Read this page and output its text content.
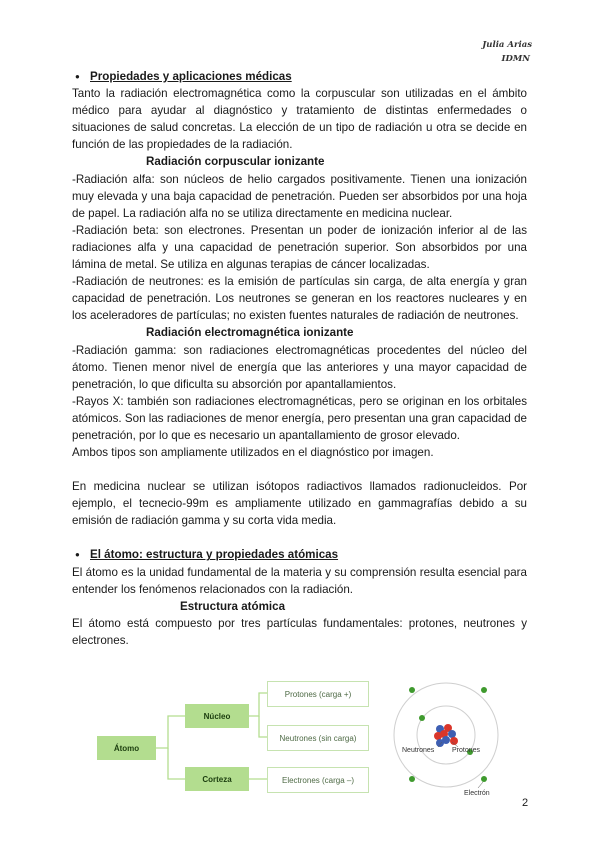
Julia Arias
IDMN

● Propiedades y aplicaciones médicas

Tanto la radiación electromagnética como la corpuscular son utilizadas en el ámbito médico para ayudar al diagnóstico y tratamiento de distintas enfermedades o situaciones de salud concretas. La elección de un tipo de radiación u otra se decide en función de las propiedades de la radiación.

Radiación corpuscular ionizante

-Radiación alfa: son núcleos de helio cargados positivamente. Tienen una ionización muy elevada y una baja capacidad de penetración. Pueden ser absorbidos por una hoja de papel. La radiación alfa no se utiliza directamente en medicina nuclear.

-Radiación beta: son electrones. Presentan un poder de ionización inferior al de las radiaciones alfa y una capacidad de penetración superior. Son absorbidos por una lámina de metal. Se utiliza en algunas terapias de cáncer localizadas.

-Radiación de neutrones: es la emisión de partículas sin carga, de alta energía y gran capacidad de penetración. Los neutrones se generan en los reactores nucleares y en los aceleradores de partículas; no existen fuentes naturales de radiación de neutrones.

Radiación electromagnética ionizante

-Radiación gamma: son radiaciones electromagnéticas procedentes del núcleo del átomo. Tienen menor nivel de energía que las anteriores y una mayor capacidad de penetración, lo que dificulta su absorción por apantallamientos.

-Rayos X: también son radiaciones electromagnéticas, pero se originan en los orbitales atómicos. Son las radiaciones de menor energía, pero presentan una gran capacidad de penetración, por lo que es necesario un apantallamiento de grosor elevado.

Ambos tipos son ampliamente utilizados en el diagnóstico por imagen.

En medicina nuclear se utilizan isótopos radiactivos llamados radionucleidos. Por ejemplo, el tecnecio-99m es ampliamente utilizado en gammagrafías debido a su emisión de radiación gamma y su corta vida media.

● El átomo: estructura y propiedades atómicas

El átomo es la unidad fundamental de la materia y su comprensión resulta esencial para entender los fenómenos relacionados con la radiación.

Estructura atómica

El átomo está compuesto por tres partículas fundamentales: protones, neutrones y electrones.

Átomo
Núcleo
Corteza
Protones (carga +)
Neutrones (sin carga)
Electrones (carga –)
Neutrones	Protones
Electrón
2
